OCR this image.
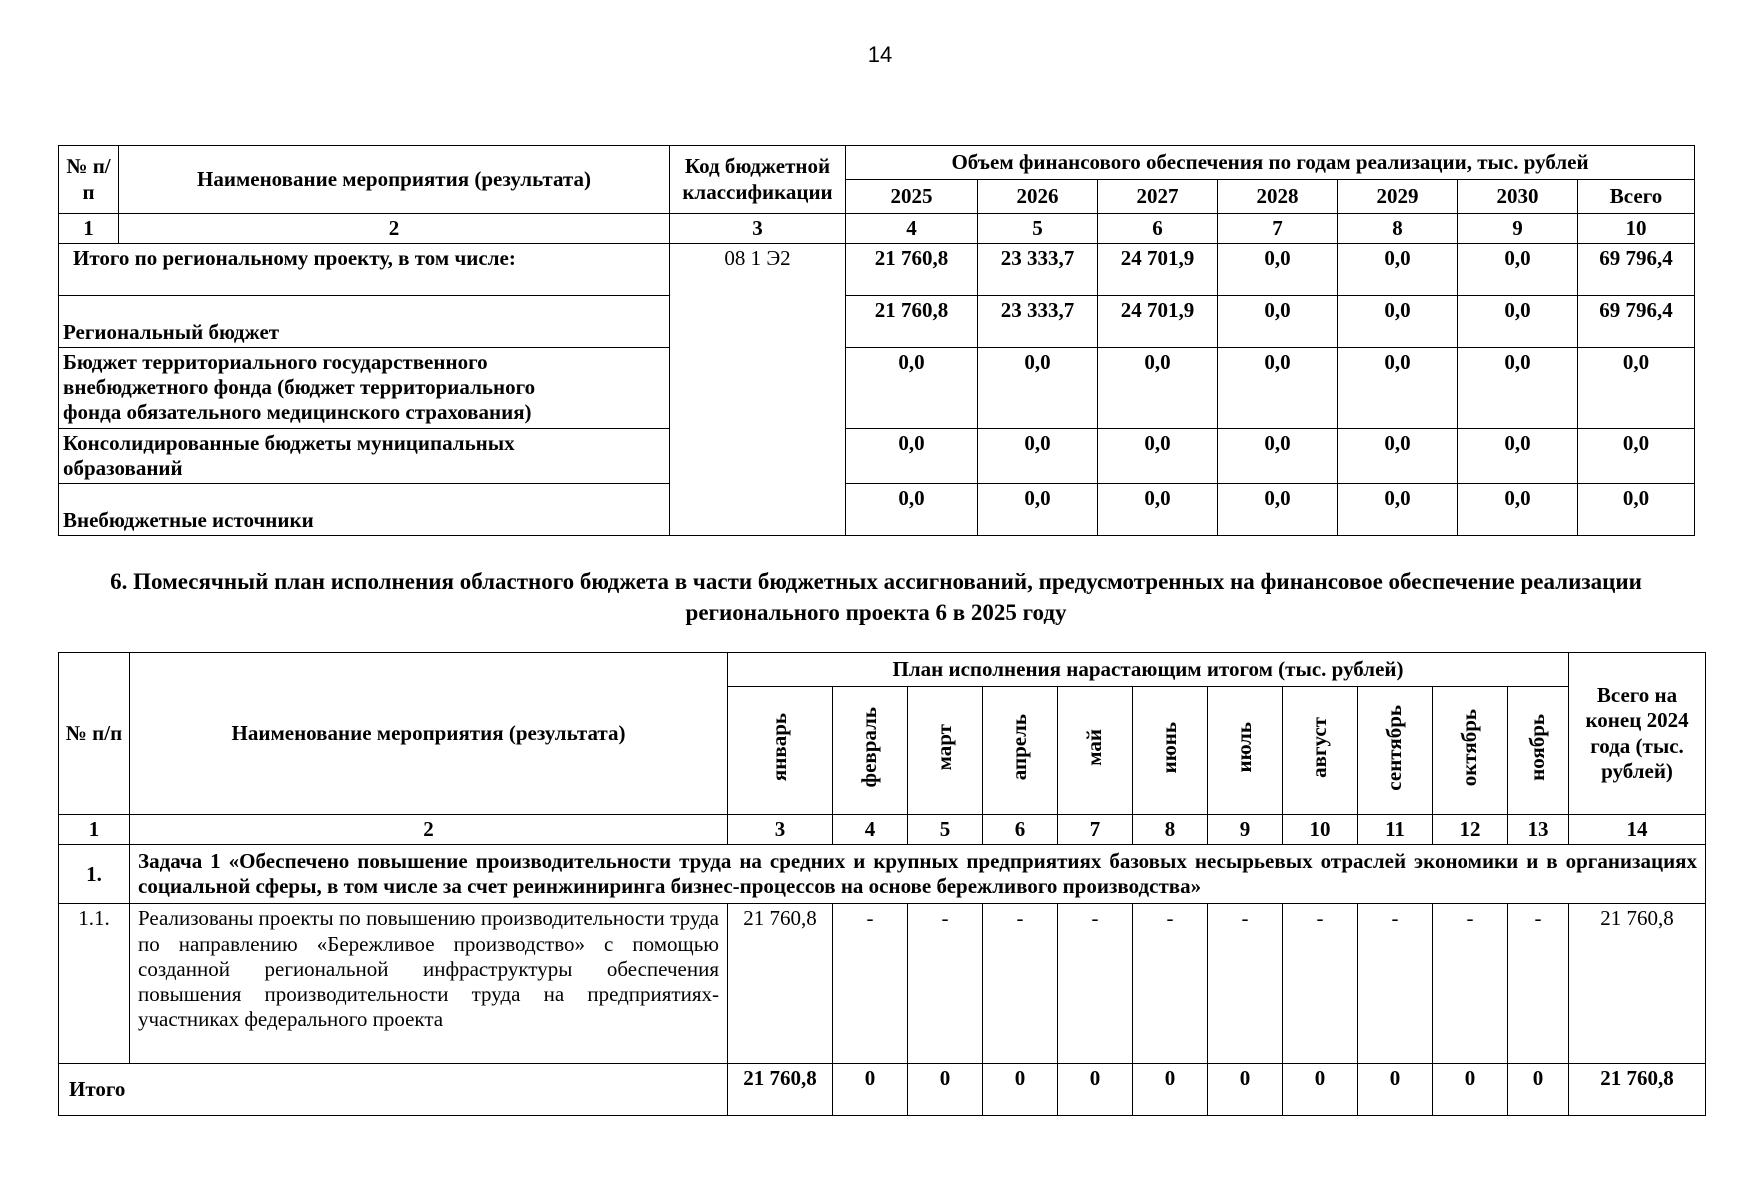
14
№ п/п	Наименование мероприятия (результата)	Код бюджетной классификации	Объем финансового обеспечения по годам реализации, тыс. рублей						
			2025	2026	2027	2028	2029	2030	Всего
1	2	3	4	5	6	7	8	9	10
Итого по региональному проекту, в том числе:		08 1 Э2	21 760,8	23 333,7	24 701,9	0,0	0,0	0,0	69 796,4
Региональный бюджет			21 760,8	23 333,7	24 701,9	0,0	0,0	0,0	69 796,4
Бюджет территориального государственного внебюджетного фонда (бюджет территориального фонда обязательного медицинского страхования)			0,0	0,0	0,0	0,0	0,0	0,0	0,0
Консолидированные бюджеты муниципальных образований			0,0	0,0	0,0	0,0	0,0	0,0	0,0
Внебюджетные источники			0,0	0,0	0,0	0,0	0,0	0,0	0,0
6. Помесячный план исполнения областного бюджета в части бюджетных ассигнований, предусмотренных на финансовое обеспечение реализации регионального проекта 6 в 2025 году
№ п/п	Наименование мероприятия (результата)	План исполнения нарастающим итогом (тыс. рублей)											Всего на конец 2024 года (тыс. рублей)
		январь	февраль	март	апрель	май	июнь	июль	август	сентябрь	октябрь	ноябрь	
1	2	3	4	5	6	7	8	9	10	11	12	13	14
1.	Задача 1 «Обеспечено повышение производительности труда на средних и крупных предприятиях базовых несырьевых отраслей экономики и в организациях социальной сферы, в том числе за счет реинжиниринга бизнес-процессов на основе бережливого производства»												
1.1.	Реализованы проекты по повышению производительности труда по направлению «Бережливое производство» с помощью созданной региональной инфраструктуры обеспечения повышения производительности труда на предприятиях-участниках федерального проекта	21 760,8	-	-	-	-	-	-	-	-	-	-	21 760,8
Итого		21 760,8	0	0	0	0	0	0	0	0	0	0	21 760,8
